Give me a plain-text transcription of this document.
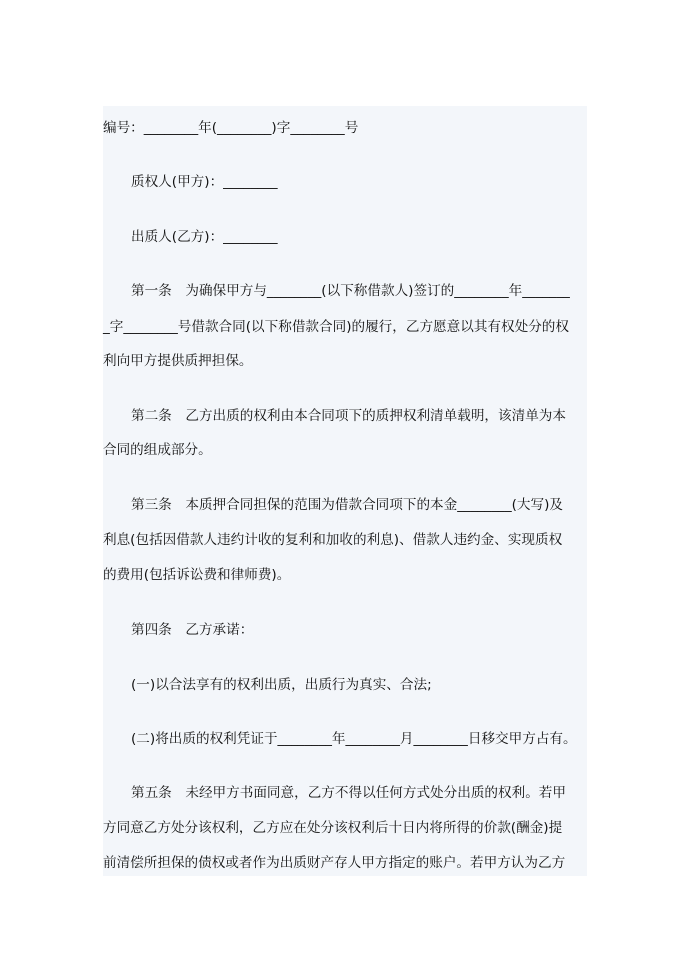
编号：________年(________)字________号
质权人(甲方)：________
出质人(乙方)：________
第一条　为确保甲方与________(以下称借款人)签订的________年_______
_字________号借款合同(以下称借款合同)的履行，乙方愿意以其有权处分的权
利向甲方提供质押担保。
第二条　乙方出质的权利由本合同项下的质押权利清单载明，该清单为本
合同的组成部分。
第三条　本质押合同担保的范围为借款合同项下的本金________(大写)及
利息(包括因借款人违约计收的复利和加收的利息)、借款人违约金、实现质权
的费用(包括诉讼费和律师费)。
第四条　乙方承诺：
(一)以合法享有的权利出质，出质行为真实、合法;
(二)将出质的权利凭证于________年________月________日移交甲方占有。
第五条　未经甲方书面同意，乙方不得以任何方式处分出质的权利。若甲
方同意乙方处分该权利，乙方应在处分该权利后十日内将所得的价款(酬金)提
前清偿所担保的债权或者作为出质财产存人甲方指定的账户。若甲方认为乙方
